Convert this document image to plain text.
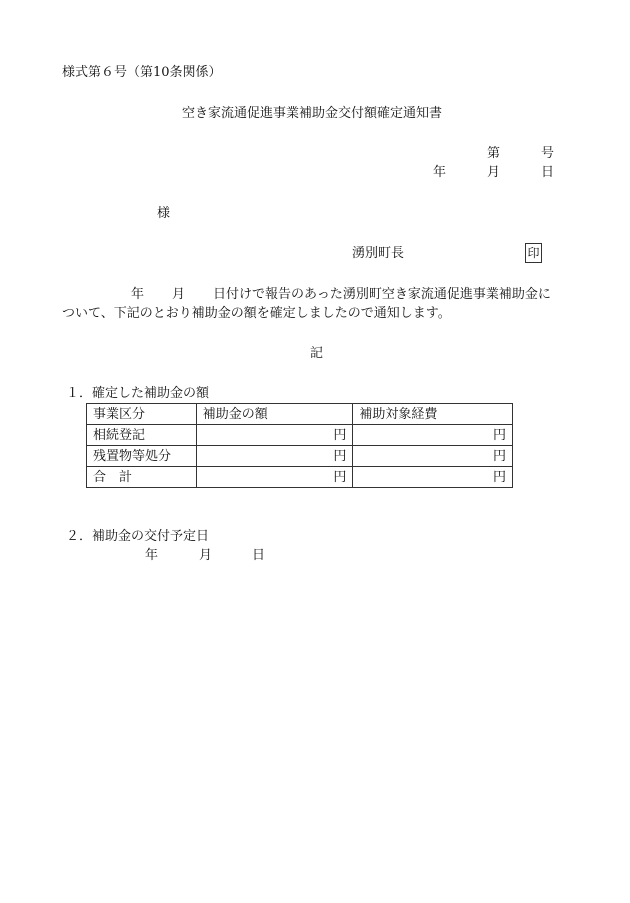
様式第６号（第10条関係）
空き家流通促進事業補助金交付額確定通知書
第	号
年	月	日
様
湧別町長	印
年 月 日付けで報告のあった湧別町空き家流通促進事業補助金に
ついて、下記のとおり補助金の額を確定しましたので通知します。
記
１．確定した補助金の額
事業区分	補助金の額	補助対象経費
相続登記	円	円
残置物等処分	円	円
合　計	円	円
２．補助金の交付予定日
年	月	日
